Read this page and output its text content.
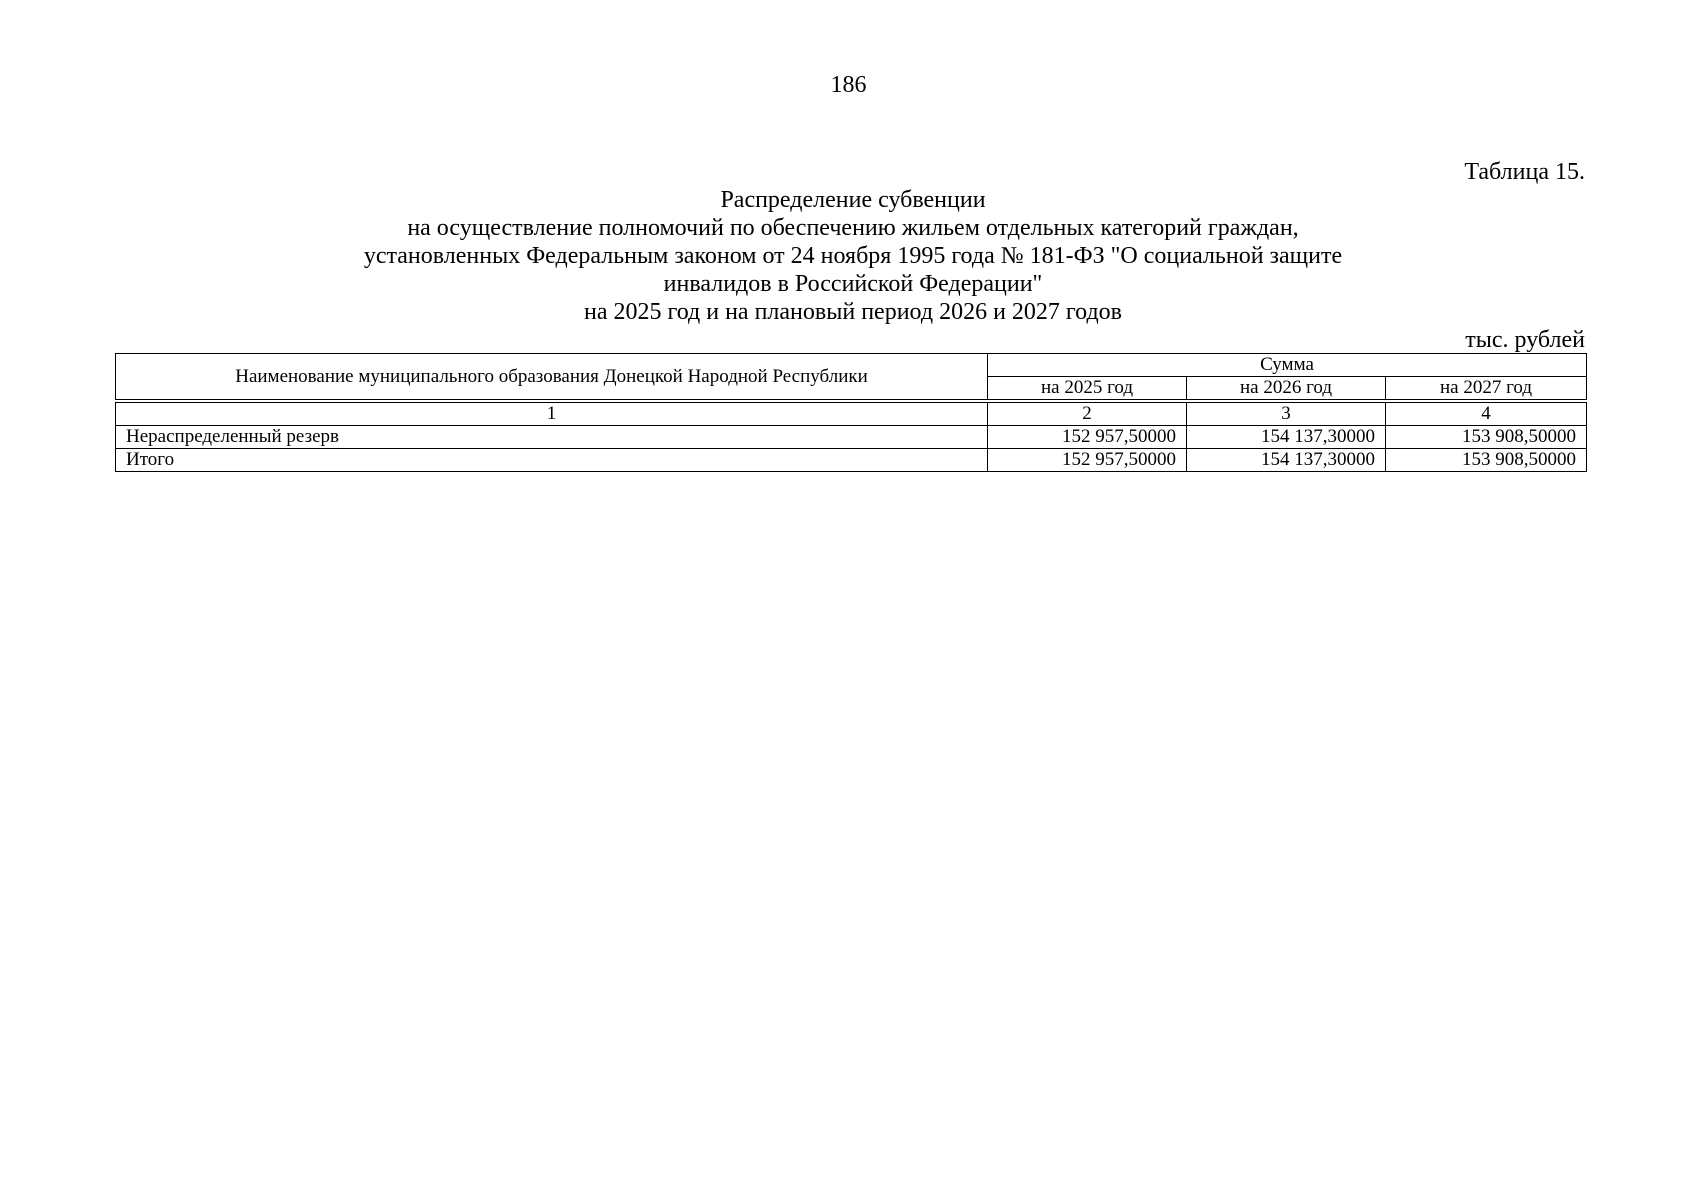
186
Таблица 15.
Распределение субвенции
на осуществление полномочий по обеспечению жильем отдельных категорий граждан,
установленных Федеральным законом от 24 ноября 1995 года № 181-ФЗ "О социальной защите
инвалидов в Российской Федерации"
на 2025 год и на плановый период 2026 и 2027 годов
тыс. рублей
Наименование муниципального образования Донецкой Народной Республики	Сумма		
	на 2025 год	на 2026 год	на 2027 год

1	2	3	4
Нераспределенный резерв	152 957,50000	154 137,30000	153 908,50000
Итого	152 957,50000	154 137,30000	153 908,50000
